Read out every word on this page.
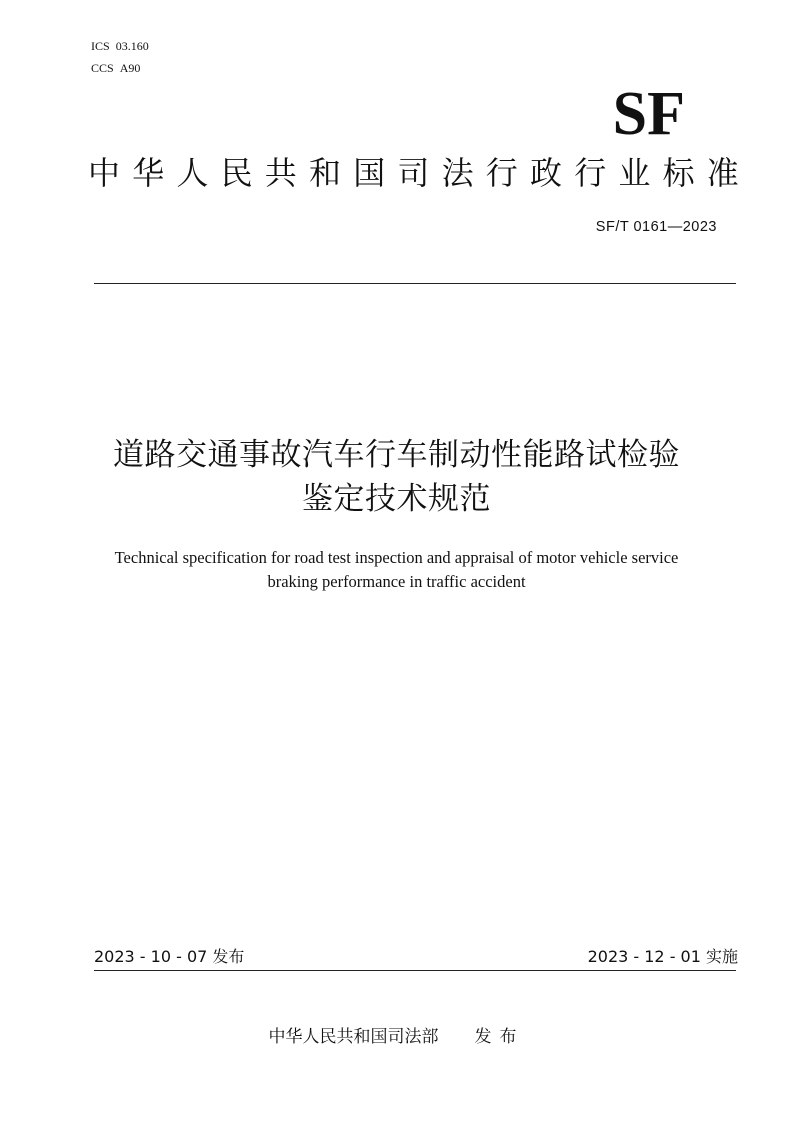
ICS 03.160
CCS A90
SF
中华人民共和国司法行政行业标准
SF/T 0161—2023
道路交通事故汽车行车制动性能路试检验
鉴定技术规范
Technical specification for road test inspection and appraisal of motor vehicle service
braking performance in traffic accident
2023 - 10 - 07 发布	2023 - 12 - 01 实施
中华人民共和国司法部 发布
